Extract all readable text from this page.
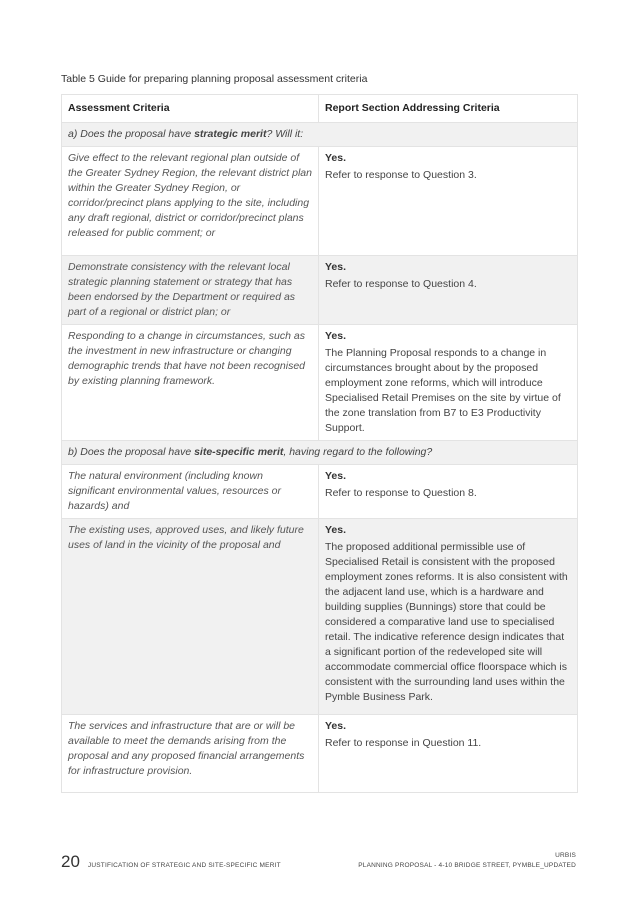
Table 5 Guide for preparing planning proposal assessment criteria
Assessment Criteria	Report Section Addressing Criteria
a) Does the proposal have strategic merit? Will it:	
Give effect to the relevant regional plan outside of the Greater Sydney Region, the relevant district plan within the Greater Sydney Region, or corridor/precinct plans applying to the site, including any draft regional, district or corridor/precinct plans released for public comment; or	Yes.
Refer to response to Question 3.

Demonstrate consistency with the relevant local strategic planning statement or strategy that has been endorsed by the Department or required as part of a regional or district plan; or	Yes.
Refer to response to Question 4.

Responding to a change in circumstances, such as the investment in new infrastructure or changing demographic trends that have not been recognised by existing planning framework.	Yes.
The Planning Proposal responds to a change in circumstances brought about by the proposed employment zone reforms, which will introduce Specialised Retail Premises on the site by virtue of the zone translation from B7 to E3 Productivity Support.

b) Does the proposal have site-specific merit, having regard to the following?	
The natural environment (including known significant environmental values, resources or hazards) and	Yes.
Refer to response to Question 8.

The existing uses, approved uses, and likely future uses of land in the vicinity of the proposal and	Yes.
The proposed additional permissible use of Specialised Retail is consistent with the proposed employment zones reforms. It is also consistent with the adjacent land use, which is a hardware and building supplies (Bunnings) store that could be considered a comparative land use to specialised retail. The indicative reference design indicates that a significant portion of the redeveloped site will accommodate commercial office floorspace which is consistent with the surrounding land uses within the Pymble Business Park.

The services and infrastructure that are or will be available to meet the demands arising from the proposal and any proposed financial arrangements for infrastructure provision.	Yes.
Refer to response in Question 11.
20 JUSTIFICATION OF STRATEGIC AND SITE-SPECIFIC MERIT
URBIS
PLANNING PROPOSAL - 4-10 BRIDGE STREET, PYMBLE_UPDATED
